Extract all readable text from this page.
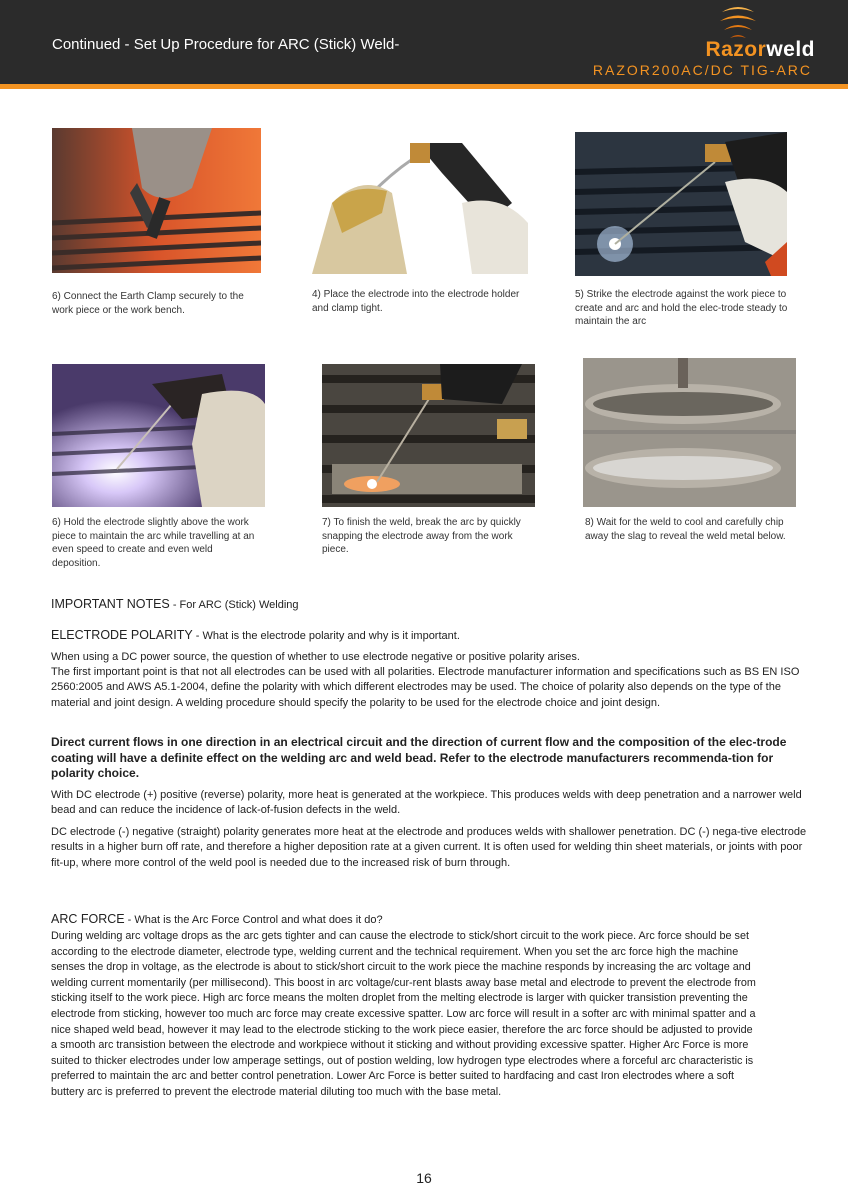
Continued - Set Up Procedure for ARC (Stick) Weld-	Razorweld
RAZOR200AC/DC TIG-ARC
6) Connect the Earth Clamp securely to the work piece or the work bench.
4) Place the electrode into the electrode holder and clamp tight.
5) Strike the electrode against the work piece to create and arc and hold the elec-trode steady to maintain the arc
6) Hold the electrode slightly above the work piece to maintain the arc while travelling at an even speed to create and even weld deposition.
7) To finish the weld, break the arc by quickly snapping the electrode away from the work piece.
8) Wait for the weld to cool and carefully chip away the slag to reveal the weld metal below.
IMPORTANT NOTES - For ARC (Stick) Welding
ELECTRODE POLARITY - What is the electrode polarity and why is it important.
When using a DC power source, the question of whether to use electrode negative or positive polarity arises.
The first important point is that not all electrodes can be used with all polarities. Electrode manufacturer information and specifications such as BS EN ISO 2560:2005 and AWS A5.1-2004, define the polarity with which different electrodes may be used. The choice of polarity also depends on the type of the material and joint design. A welding procedure should specify the polarity to be used for the electrode choice and joint design.
Direct current flows in one direction in an electrical circuit and the direction of current flow and the composition of the elec-trode coating will have a definite effect on the welding arc and weld bead. Refer to the electrode manufacturers recommenda-tion for polarity choice.
With DC electrode (+) positive (reverse) polarity, more heat is generated at the workpiece. This produces welds with deep penetration and a narrower weld bead and can reduce the incidence of lack-of-fusion defects in the weld.
DC electrode (-) negative (straight) polarity generates more heat at the electrode and produces welds with shallower penetration. DC (-) nega-tive electrode results in a higher burn off rate, and therefore a higher deposition rate at a given current. It is often used for welding thin sheet materials, or joints with poor fit-up, where more control of the weld pool is needed due to the increased risk of burn through.
ARC FORCE - What is the Arc Force Control and what does it do?
During welding arc voltage drops as the arc gets tighter and can cause the electrode to stick/short circuit to the work piece. Arc force should be set according to the electrode diameter, electrode type, welding current and the technical requirement. When you set the arc force high the machine senses the drop in voltage, as the electrode is about to stick/short circuit to the work piece the machine responds by increasing the arc voltage and welding current momentarily (per millisecond). This boost in arc voltage/cur-rent blasts away base metal and electrode to prevent the electrode from sticking itself to the work piece. High arc force means the molten droplet from the melting electrode is larger with quicker transistion preventing the electrode from sticking, however too much arc force may create excessive spatter. Low arc force will result in a softer arc with minimal spatter and a nice shaped weld bead, however it may lead to the electrode sticking to the work piece easier, therefore the arc force should be adjusted to provide a smooth arc transistion between the electrode and workpiece without it sticking and without providing excessive spatter. Higher Arc Force is more suited to thicker electrodes under low amperage settings, out of postion welding, low hydrogen type electrodes where a forceful arc characteristic is preferred to maintain the arc and better control penetration. Lower Arc Force is better suited to hardfacing and cast Iron electrodes where a soft buttery arc is preferred to prevent the electrode material diluting too much with the base metal.
16
